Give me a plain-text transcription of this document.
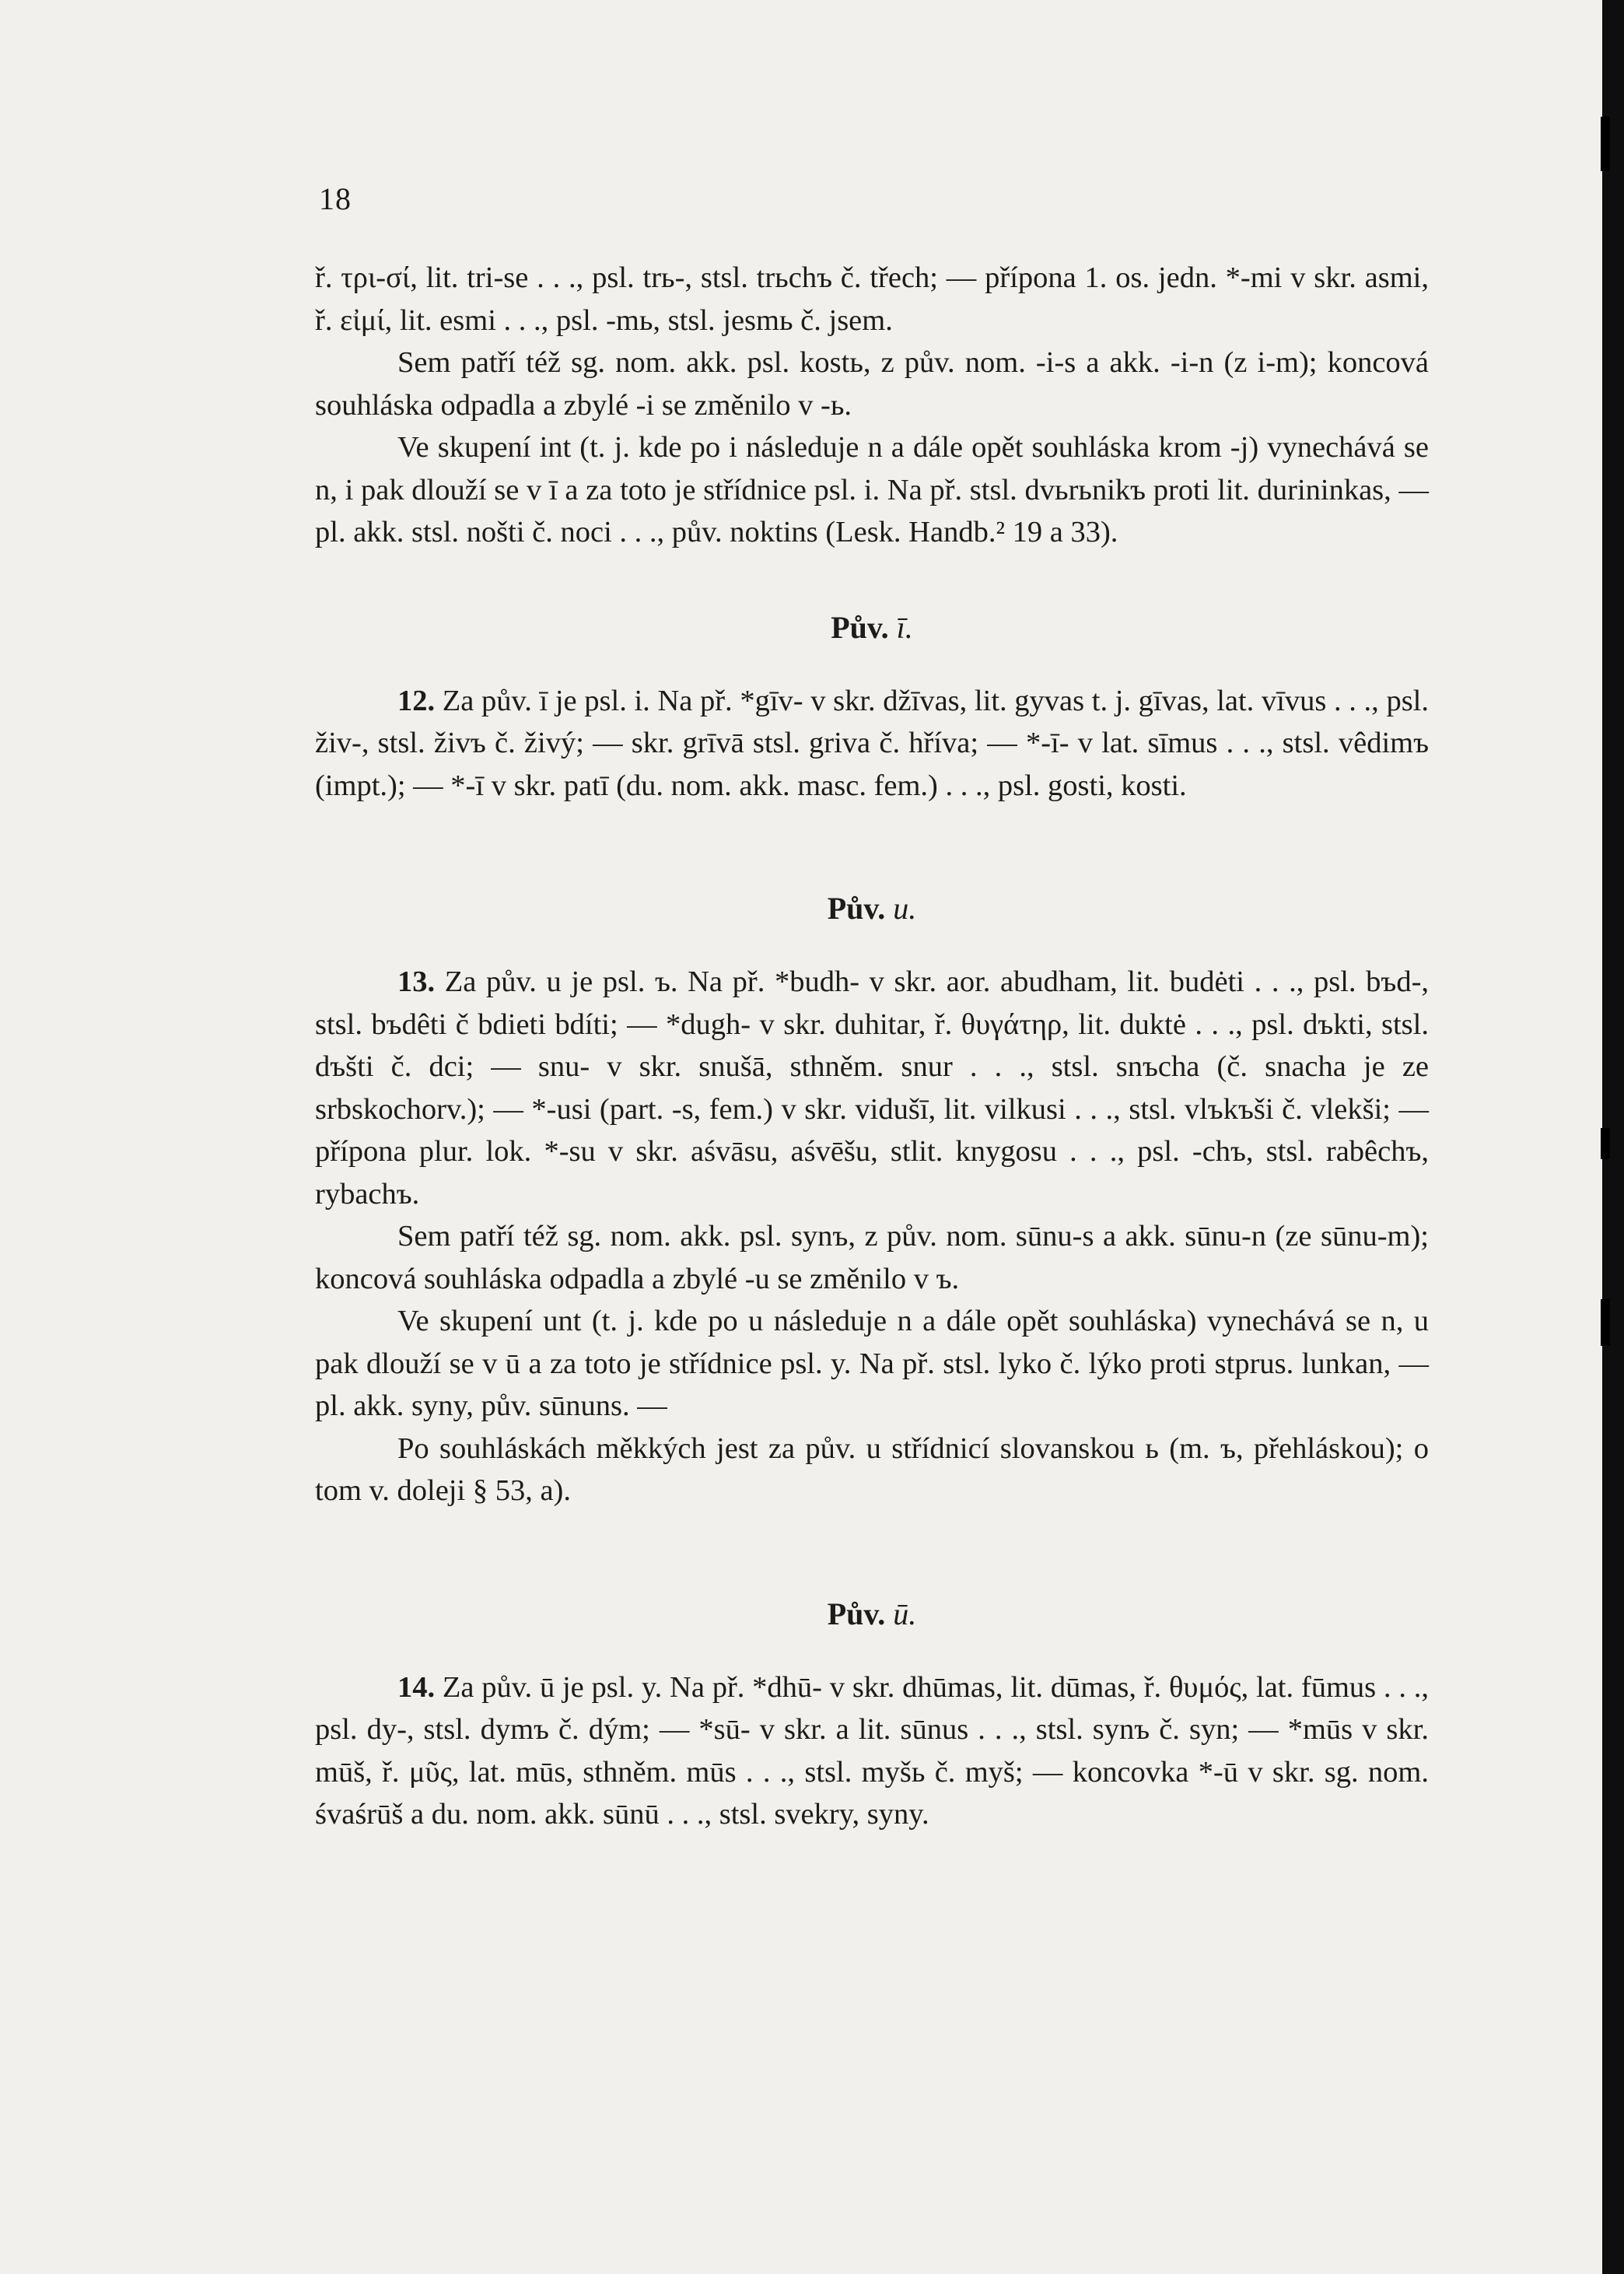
18

ř. τρι-σί, lit. tri-se . . ., psl. trь-, stsl. trьchъ č. třech; — přípona 1. os. jedn. *-mi v skr. asmi, ř. εἰμί, lit. esmi . . ., psl. -mь, stsl. jesmь č. jsem.

Sem patří též sg. nom. akk. psl. kostь, z pův. nom. -i-s a akk. -i-n (z i-m); koncová souhláska odpadla a zbylé -i se změnilo v -ь.

Ve skupení int (t. j. kde po i následuje n a dále opět souhláska krom -j) vynechává se n, i pak dlouží se v ī a za toto je střídnice psl. i. Na př. stsl. dvьrьnikъ proti lit. durininkas, — pl. akk. stsl. nošti č. noci . . ., pův. noktins (Lesk. Handb.² 19 a 33).

Pův. ī.

12. Za pův. ī je psl. i. Na př. *gīv- v skr. džīvas, lit. gyvas t. j. gīvas, lat. vīvus . . ., psl. živ-, stsl. živъ č. živý; — skr. grīvā stsl. griva č. hříva; — *-ī- v lat. sīmus . . ., stsl. vêdimъ (impt.); — *-ī v skr. patī (du. nom. akk. masc. fem.) . . ., psl. gosti, kosti.

Pův. u.

13. Za pův. u je psl. ъ. Na př. *budh- v skr. aor. abudham, lit. budėti . . ., psl. bъd-, stsl. bъdêti č bdieti bdíti; — *dugh- v skr. duhitar, ř. θυγάτηρ, lit. duktė . . ., psl. dъkti, stsl. dъšti č. dci; — snu- v skr. snušā, sthněm. snur . . ., stsl. snъcha (č. snacha je ze srbskochorv.); — *-usi (part. -s, fem.) v skr. vidušī, lit. vilkusi . . ., stsl. vlъkъši č. vlekši; — přípona plur. lok. *-su v skr. aśvāsu, aśvēšu, stlit. knygosu . . ., psl. -chъ, stsl. rabêchъ, rybachъ.

Sem patří též sg. nom. akk. psl. synъ, z pův. nom. sūnu-s a akk. sūnu-n (ze sūnu-m); koncová souhláska odpadla a zbylé -u se změnilo v ъ.

Ve skupení unt (t. j. kde po u následuje n a dále opět souhláska) vynechává se n, u pak dlouží se v ū a za toto je střídnice psl. y. Na př. stsl. lyko č. lýko proti stprus. lunkan, — pl. akk. syny, pův. sūnuns. —

Po souhláskách měkkých jest za pův. u střídnicí slovanskou ь (m. ъ, přehláskou); o tom v. doleji § 53, a).

Pův. ū.

14. Za pův. ū je psl. y. Na př. *dhū- v skr. dhūmas, lit. dūmas, ř. θυμός, lat. fūmus . . ., psl. dy-, stsl. dymъ č. dým; — *sū- v skr. a lit. sūnus . . ., stsl. synъ č. syn; — *mūs v skr. mūš, ř. μῦς, lat. mūs, sthněm. mūs . . ., stsl. myšь č. myš; — koncovka *-ū v skr. sg. nom. śvaśrūš a du. nom. akk. sūnū . . ., stsl. svekry, syny.
